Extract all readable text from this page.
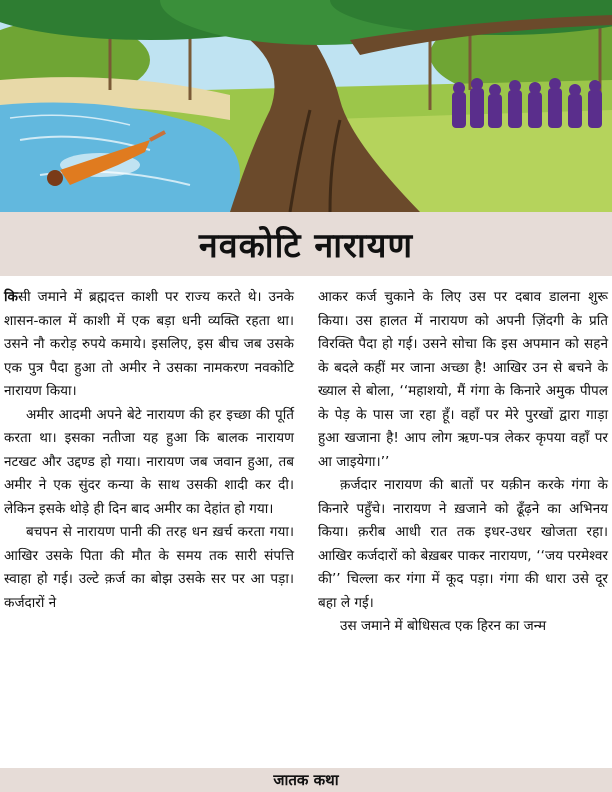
नवकोटि नारायण

किसी जमाने में ब्रह्मदत्त काशी पर राज्य करते थे। उनके शासन-काल में काशी में एक बड़ा धनी व्यक्ति रहता था। उसने नौ करोड़ रुपये कमाये। इसलिए, इस बीच जब उसके एक पुत्र पैदा हुआ तो अमीर ने उसका नामकरण नवकोटि नारायण किया।

अमीर आदमी अपने बेटे नारायण की हर इच्छा की पूर्ति करता था। इसका नतीजा यह हुआ कि बालक नारायण नटखट और उद्दण्ड हो गया। नारायण जब जवान हुआ, तब अमीर ने एक सुंदर कन्या के साथ उसकी शादी कर दी। लेकिन इसके थोड़े ही दिन बाद अमीर का देहांत हो गया।

बचपन से नारायण पानी की तरह धन ख़र्च करता गया। आखिर उसके पिता की मौत के समय तक सारी संपत्ति स्वाहा हो गई। उल्टे क़र्ज का बोझ उसके सर पर आ पड़ा। कर्जदारों ने

आकर कर्ज चुकाने के लिए उस पर दबाव डालना शुरू किया। उस हालत में नारायण को अपनी ज़िंदगी के प्रति विरक्ति पैदा हो गई। उसने सोचा कि इस अपमान को सहने के बदले कहीं मर जाना अच्छा है! आखिर उन से बचने के ख्याल से बोला, ‘‘महाशयो, मैं गंगा के किनारे अमुक पीपल के पेड़ के पास जा रहा हूँ। वहाँ पर मेरे पुरखों द्वारा गाड़ा हुआ खजाना है! आप लोग ऋण-पत्र लेकर कृपया वहाँ पर आ जाइयेगा।’’

क़र्जदार नारायण की बातों पर यक़ीन करके गंगा के किनारे पहुँचे। नारायण ने ख़जाने को ढूँढ़ने का अभिनय किया। क़रीब आधी रात तक इधर-उधर खोजता रहा। आखिर कर्जदारों को बेख़बर पाकर नारायण, ‘‘जय परमेश्वर की’’ चिल्ला कर गंगा में कूद पड़ा। गंगा की धारा उसे दूर बहा ले गई।

उस जमाने में बोधिसत्व एक हिरन का जन्म

जातक कथा
